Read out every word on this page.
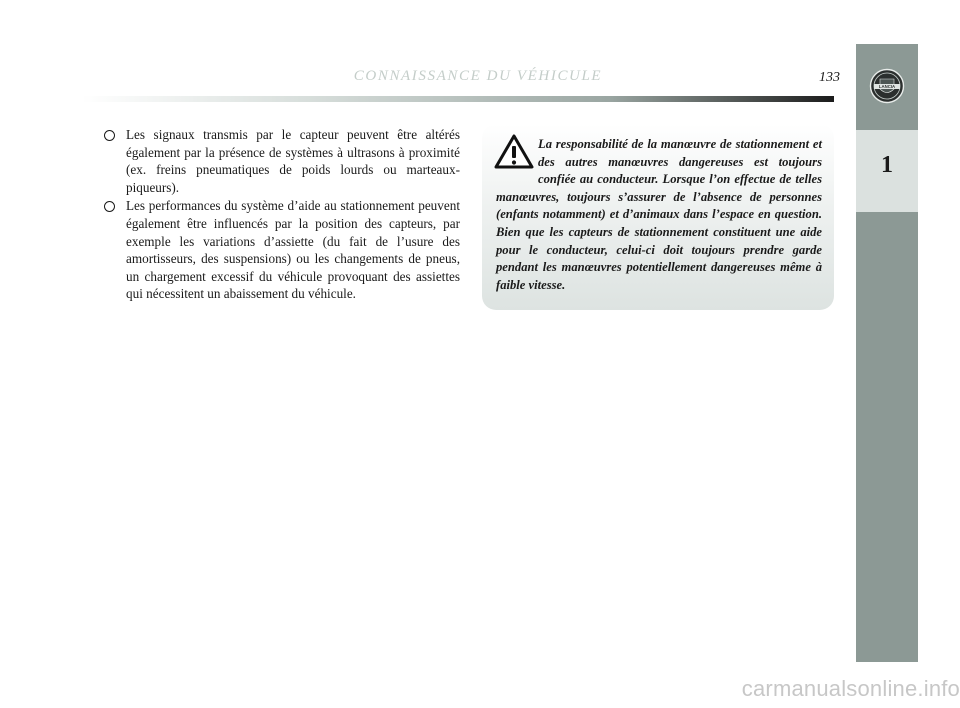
CONNAISSANCE DU VÉHICULE	133
LANCIA
1
Les signaux transmis par le capteur peuvent être altérés également par la présence de systèmes à ultrasons à proximité (ex. freins pneumatiques de poids lourds ou marteaux-piqueurs).
Les performances du système d’aide au stationnement peuvent également être influencés par la position des capteurs, par exemple les variations d’assiette (du fait de l’usure des amortisseurs, des suspensions) ou les changements de pneus, un chargement excessif du véhicule provoquant des assiettes qui nécessitent un abaissement du véhicule.
La responsabilité de la manœuvre de stationnement et des autres manœuvres dangereuses est toujours confiée au conducteur. Lorsque l’on effectue de telles manœuvres, toujours s’assurer de l’absence de personnes (enfants notamment) et d’animaux dans l’espace en question. Bien que les capteurs de stationnement constituent une aide pour le conducteur, celui-ci doit toujours prendre garde pendant les manœuvres potentiellement dangereuses même à faible vitesse.
carmanualsonline.info
